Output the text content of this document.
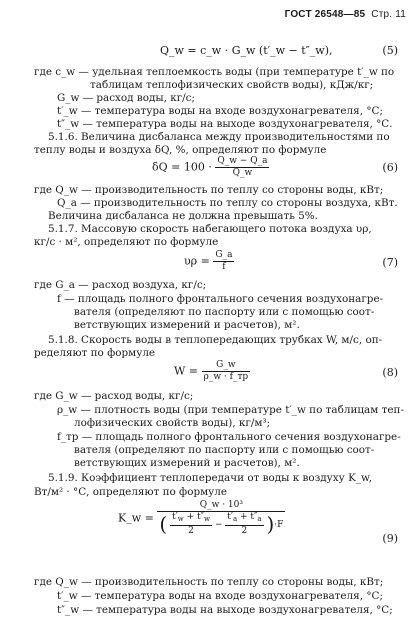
ГОСТ 26548—85 Стр. 11
Q_w = c_w · G_w (t′_w − t″_w),	(5)
где c_w — удельная теплоемкость воды (при температуре t′_w по
таблицам теплофизических свойств воды), кДж/кг;
G_w — расход воды, кг/с;
t′_w — температура воды на входе воздухонагревателя, °С;
t″_w — температура воды на выходе воздухонагревателя, °С.
5.1.6. Величина дисбаланса между производительностями по
теплу воды и воздуха δQ, %, определяют по формуле
$\delta Q = 100 \cdot \frac{Q\_w - Q\_a}{Q\_w}$	(6)
где Q_w — производительность по теплу со стороны воды, кВт;
Q_a — производительность по теплу со стороны воздуха, кВт.
Величина дисбаланса не должна превышать 5%.
5.1.7. Массовую скорость набегающего потока воздуха υρ,
кг/с · м², определяют по формуле
$\upsilon\rho = \frac{G\_a}{f}$	(7)
где G_a — расход воздуха, кг/с;
f — площадь полного фронтального сечения воздухонагре-
вателя (определяют по паспорту или с помощью соот-
ветствующих измерений и расчетов), м².
5.1.8. Скорость воды в теплопередающих трубках W, м/с, оп-
ределяют по формуле
$W = \frac{G\_w}{\rho\_w \cdot f\_тр}$	(8)
где G_w — расход воды, кг/с;
ρ_w — плотность воды (при температуре t′_w по таблицам теп-
лофизических свойств воды), кг/м³;
f_тр — площадь полного фронтального сечения воздухонагре-
вателя (определяют по паспорту или с помощью соот-
ветствующих измерений и расчетов), м².
5.1.9. Коэффициент теплопередачи от воды к воздуху K_w,
Вт/м² · °С, определяют по формуле
K_w =
Q_w · 10³
( $\frac{t'_w + t''_w}{2} - \frac{t'_a + t''_a}{2} )\cdot F$
(9)
где Q_w — производительность по теплу со стороны воды, кВт;
t′_w — температура воды на входе воздухонагревателя, °С;
t″_w — температура воды на выходе воздухонагревателя, °С;
